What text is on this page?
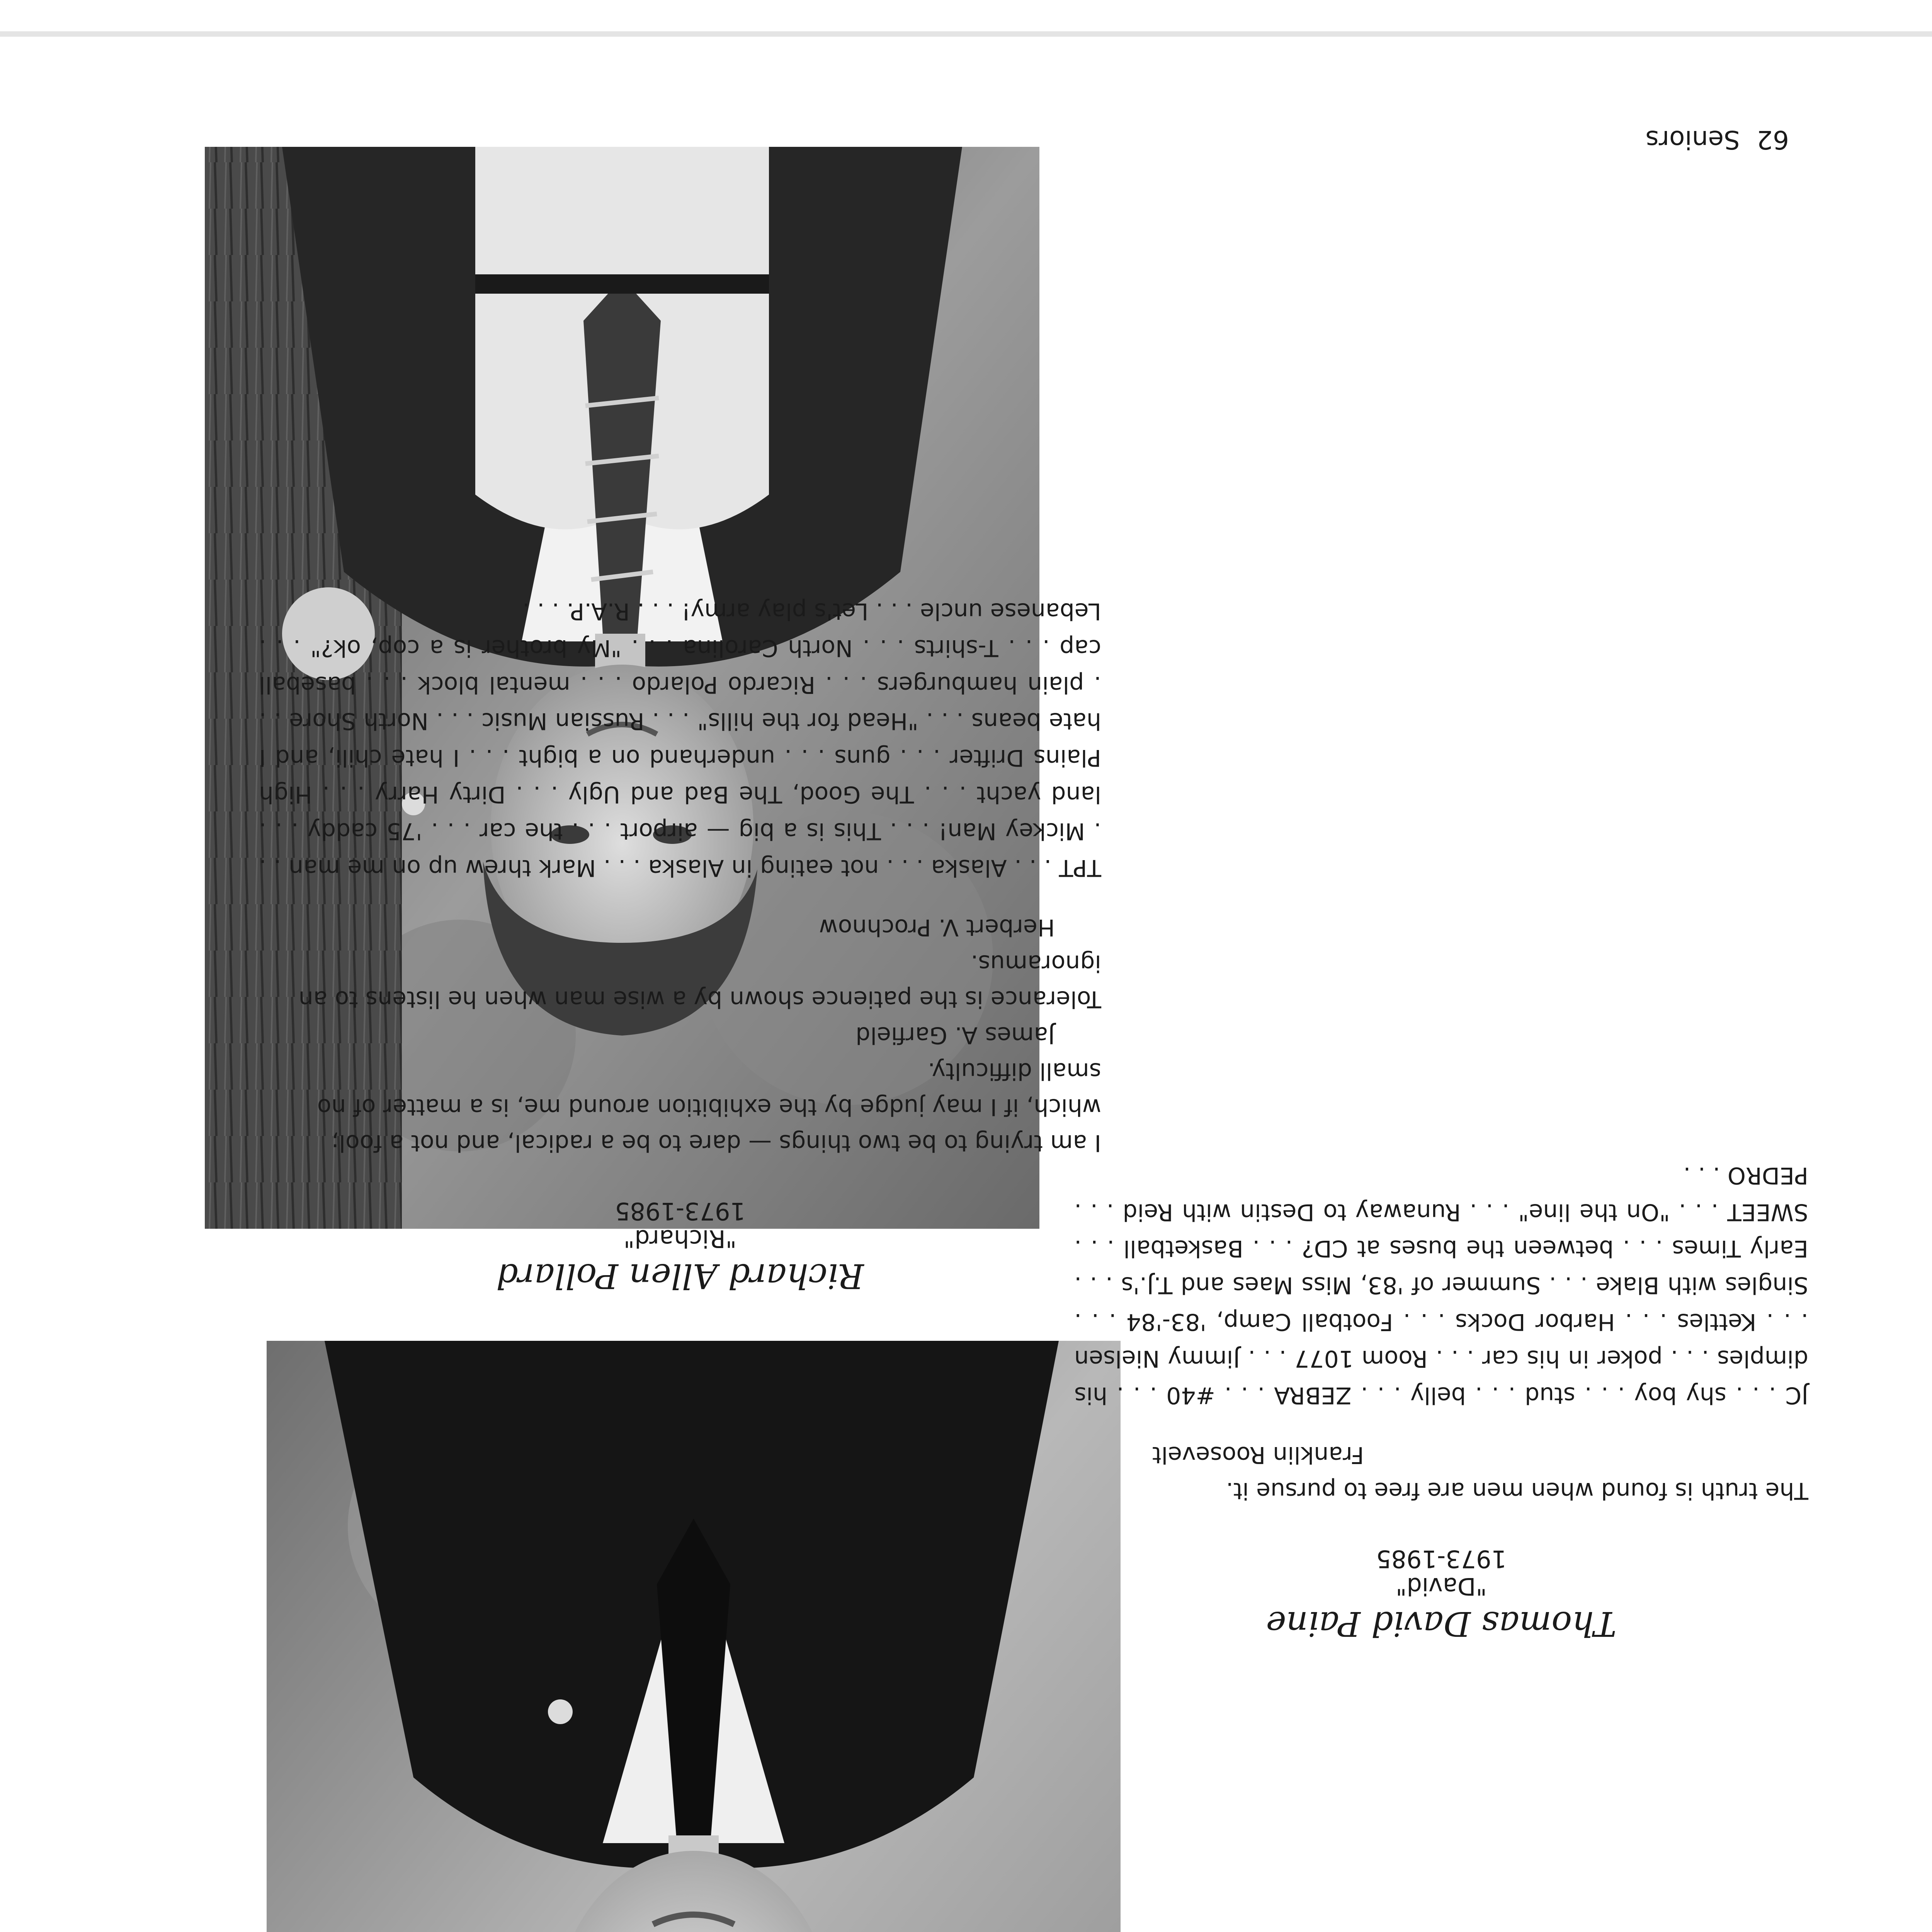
62 Seniors
Richard Allen Pollard
"Richard"
1973-1985

I am trying to be two things — dare to be a radical, and not a fool; which, if I may judge by the exhibition around me, is a matter of no small difficulty.

James A. Garfield

Tolerance is the patience shown by a wise man when he listens to an ignoramus.

Herbert V. Prochnow

TPT . . . Alaska . . . not eating in Alaska . . . Mark threw up on me man . . . Mickey Man! . . . This is a big — airport . . . the car . . . '75 caddy . . . land yacht . . . The Good, The Bad and Ugly . . . Dirty Harry . . . High Plains Drifter . . . guns . . . underhand on a bight . . . I hate chili, and I hate beans . . . "Head for the hills" . . . Russian Music . . . North Shore . . . plain hamburgers . . . Ricardo Polardo . . . mental block . . . baseball cap . . . T-shirts . . . North Carolina . . . "My brother is a cop, ok?" . . . Lebanese uncle . . . Let's play army! . . . R.A.P. . . .

Thomas David Paine
"David"
1973-1985

The truth is found when men are free to pursue it.

Franklin Roosevelt

JC . . . shy boy . . . stud . . . belly . . . ZEBRA . . . #40 . . . his dimples . . . poker in his car . . . Room 1077 . . . Jimmy Nielsen . . . Kettles . . . Harbor Docks . . . Football Camp, '83-'84 . . . Singles with Blake . . . Summer of '83, Miss Maes and T.J.'s . . . Early Times . . . between the buses at CD? . . . Basketball . . . SWEET . . . "On the line" . . . Runaway to Destin with Reid . . . PEDRO . . .
